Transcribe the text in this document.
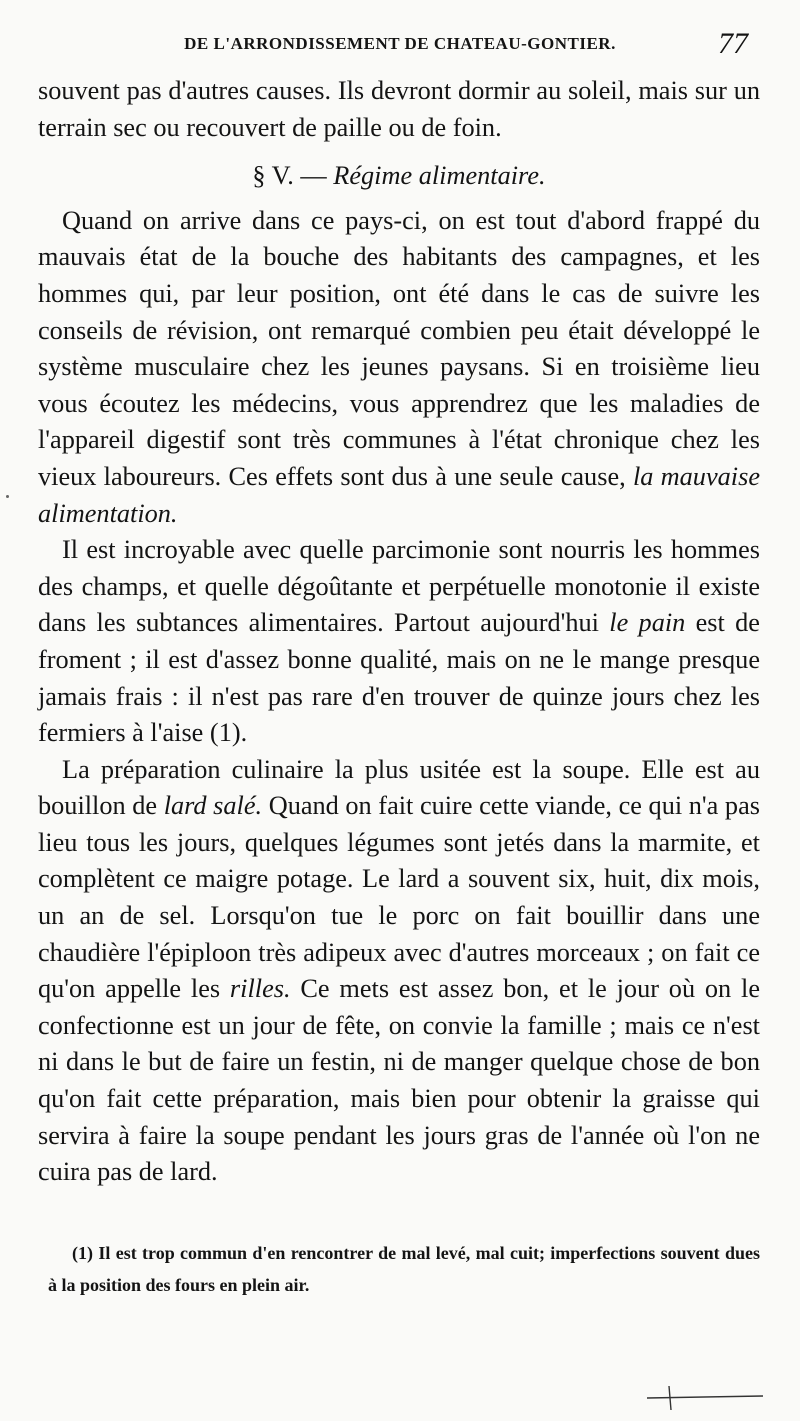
DE L'ARRONDISSEMENT DE CHATEAU-GONTIER.	77

souvent pas d'autres causes. Ils devront dormir au soleil, mais sur un terrain sec ou recouvert de paille ou de foin.

§ V. — Régime alimentaire.

Quand on arrive dans ce pays-ci, on est tout d'abord frappé du mauvais état de la bouche des habitants des campagnes, et les hommes qui, par leur position, ont été dans le cas de suivre les conseils de révision, ont remarqué combien peu était développé le système musculaire chez les jeunes paysans. Si en troisième lieu vous écoutez les médecins, vous apprendrez que les maladies de l'appareil digestif sont très communes à l'état chronique chez les vieux laboureurs. Ces effets sont dus à une seule cause, la mauvaise alimentation.

Il est incroyable avec quelle parcimonie sont nourris les hommes des champs, et quelle dégoûtante et perpétuelle monotonie il existe dans les subtances alimentaires. Partout aujourd'hui le pain est de froment ; il est d'assez bonne qualité, mais on ne le mange presque jamais frais : il n'est pas rare d'en trouver de quinze jours chez les fermiers à l'aise (1).

La préparation culinaire la plus usitée est la soupe. Elle est au bouillon de lard salé. Quand on fait cuire cette viande, ce qui n'a pas lieu tous les jours, quelques légumes sont jetés dans la marmite, et complètent ce maigre potage. Le lard a souvent six, huit, dix mois, un an de sel. Lorsqu'on tue le porc on fait bouillir dans une chaudière l'épiploon très adipeux avec d'autres morceaux ; on fait ce qu'on appelle les rilles. Ce mets est assez bon, et le jour où on le confectionne est un jour de fête, on convie la famille ; mais ce n'est ni dans le but de faire un festin, ni de manger quelque chose de bon qu'on fait cette préparation, mais bien pour obtenir la graisse qui servira à faire la soupe pendant les jours gras de l'année où l'on ne cuira pas de lard.

(1) Il est trop commun d'en rencontrer de mal levé, mal cuit; imperfections souvent dues à la position des fours en plein air.
